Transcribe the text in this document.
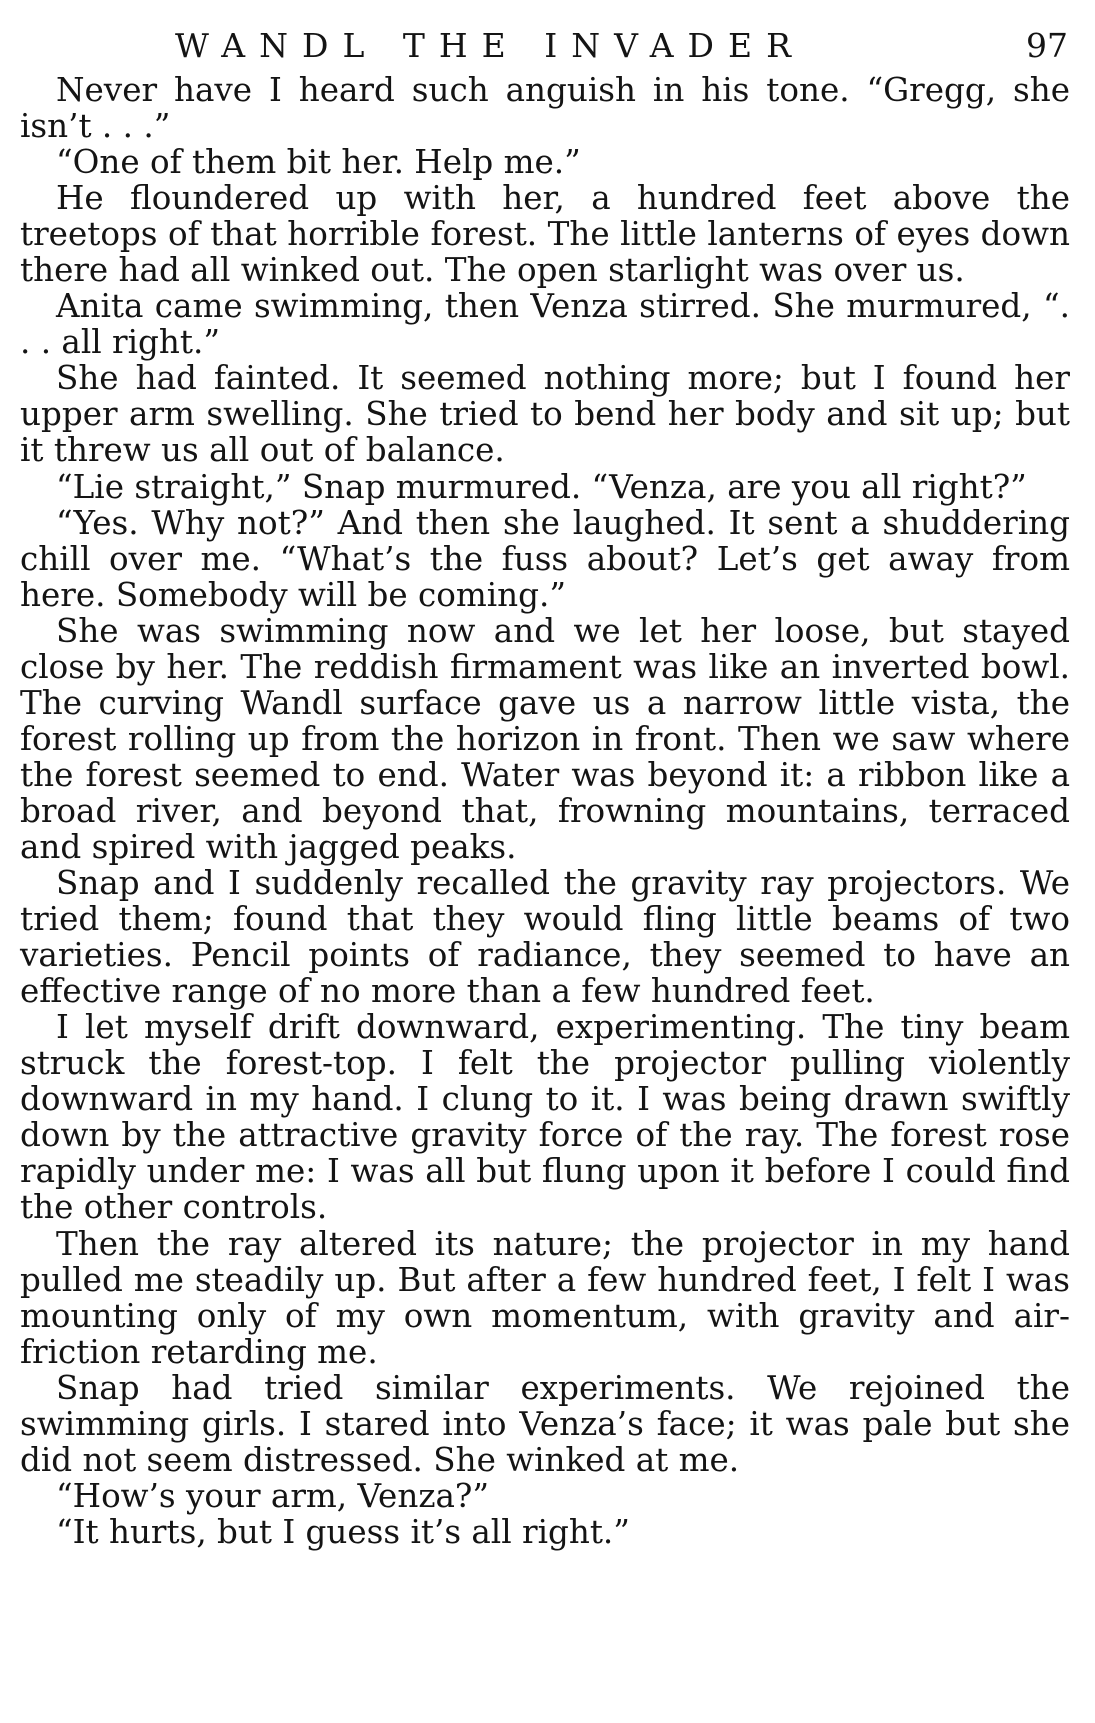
WANDL THE INVADER	97

Never have I heard such anguish in his tone. “Gregg, she isn’t . . .”

“One of them bit her. Help me.”

He floundered up with her, a hundred feet above the treetops of that horrible forest. The little lanterns of eyes down there had all winked out. The open starlight was over us.

Anita came swimming, then Venza stirred. She murmured, “. . . all right.”

She had fainted. It seemed nothing more; but I found her upper arm swelling. She tried to bend her body and sit up; but it threw us all out of balance.

“Lie straight,” Snap murmured. “Venza, are you all right?”

“Yes. Why not?” And then she laughed. It sent a shuddering chill over me. “What’s the fuss about? Let’s get away from here. Somebody will be coming.”

She was swimming now and we let her loose, but stayed close by her. The reddish firmament was like an inverted bowl. The curving Wandl surface gave us a narrow little vista, the forest rolling up from the horizon in front. Then we saw where the forest seemed to end. Water was beyond it: a ribbon like a broad river, and beyond that, frowning mountains, terraced and spired with jagged peaks.

Snap and I suddenly recalled the gravity ray projectors. We tried them; found that they would fling little beams of two varieties. Pencil points of radiance, they seemed to have an effective range of no more than a few hundred feet.

I let myself drift downward, experimenting. The tiny beam struck the forest-top. I felt the projector pulling violently downward in my hand. I clung to it. I was being drawn swiftly down by the attractive gravity force of the ray. The forest rose rapidly under me: I was all but flung upon it before I could find the other controls.

Then the ray altered its nature; the projector in my hand pulled me steadily up. But after a few hundred feet, I felt I was mounting only of my own momentum, with gravity and air-friction retarding me.

Snap had tried similar experiments. We rejoined the swimming girls. I stared into Venza’s face; it was pale but she did not seem distressed. She winked at me.

“How’s your arm, Venza?”

“It hurts, but I guess it’s all right.”
